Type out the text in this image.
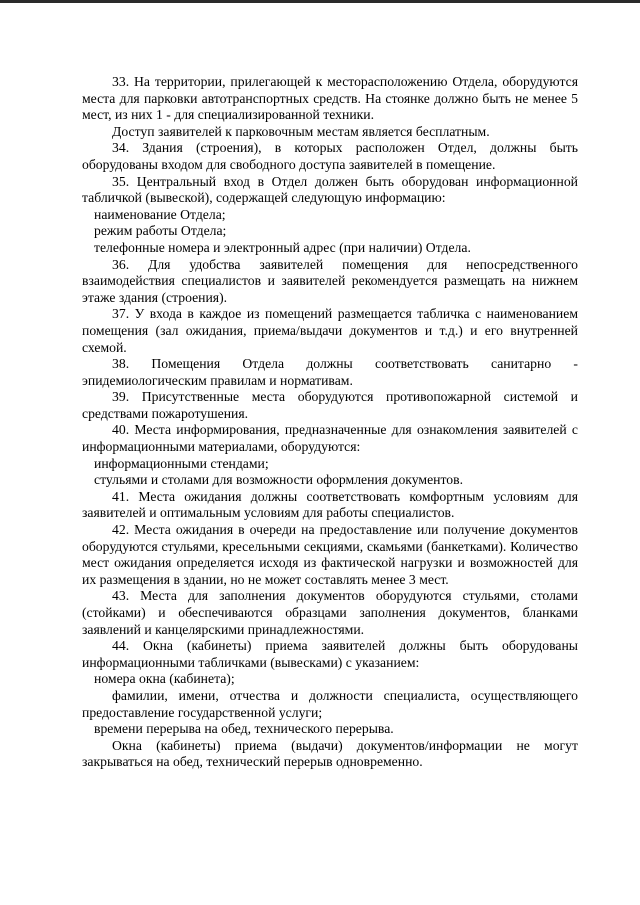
33. На территории, прилегающей к месторасположению Отдела, оборудуются места для парковки автотранспортных средств. На стоянке должно быть не менее 5 мест, из них 1 - для специализированной техники.

Доступ заявителей к парковочным местам является бесплатным.

34. Здания (строения), в которых расположен Отдел, должны быть оборудованы входом для свободного доступа заявителей в помещение.

35. Центральный вход в Отдел должен быть оборудован информационной табличкой (вывеской), содержащей следующую информацию:

наименование Отдела;

режим работы Отдела;

телефонные номера и электронный адрес (при наличии) Отдела.

36. Для удобства заявителей помещения для непосредственного взаимодействия специалистов и заявителей рекомендуется размещать на нижнем этаже здания (строения).

37. У входа в каждое из помещений размещается табличка с наименованием помещения (зал ожидания, приема/выдачи документов и т.д.) и его внутренней схемой.

38. Помещения Отдела должны соответствовать санитарно - эпидемиологическим правилам и нормативам.

39. Присутственные места оборудуются противопожарной системой и средствами пожаротушения.

40. Места информирования, предназначенные для ознакомления заявителей с информационными материалами, оборудуются:

информационными стендами;

стульями и столами для возможности оформления документов.

41. Места ожидания должны соответствовать комфортным условиям для заявителей и оптимальным условиям для работы специалистов.

42. Места ожидания в очереди на предоставление или получение документов оборудуются стульями, кресельными секциями, скамьями (банкетками). Количество мест ожидания определяется исходя из фактической нагрузки и возможностей для их размещения в здании, но не может составлять менее 3 мест.

43. Места для заполнения документов оборудуются стульями, столами (стойками) и обеспечиваются образцами заполнения документов, бланками заявлений и канцелярскими принадлежностями.

44. Окна (кабинеты) приема заявителей должны быть оборудованы информационными табличками (вывесками) с указанием:

номера окна (кабинета);

фамилии, имени, отчества и должности специалиста, осуществляющего предоставление государственной услуги;

времени перерыва на обед, технического перерыва.

Окна (кабинеты) приема (выдачи) документов/информации не могут закрываться на обед, технический перерыв одновременно.
